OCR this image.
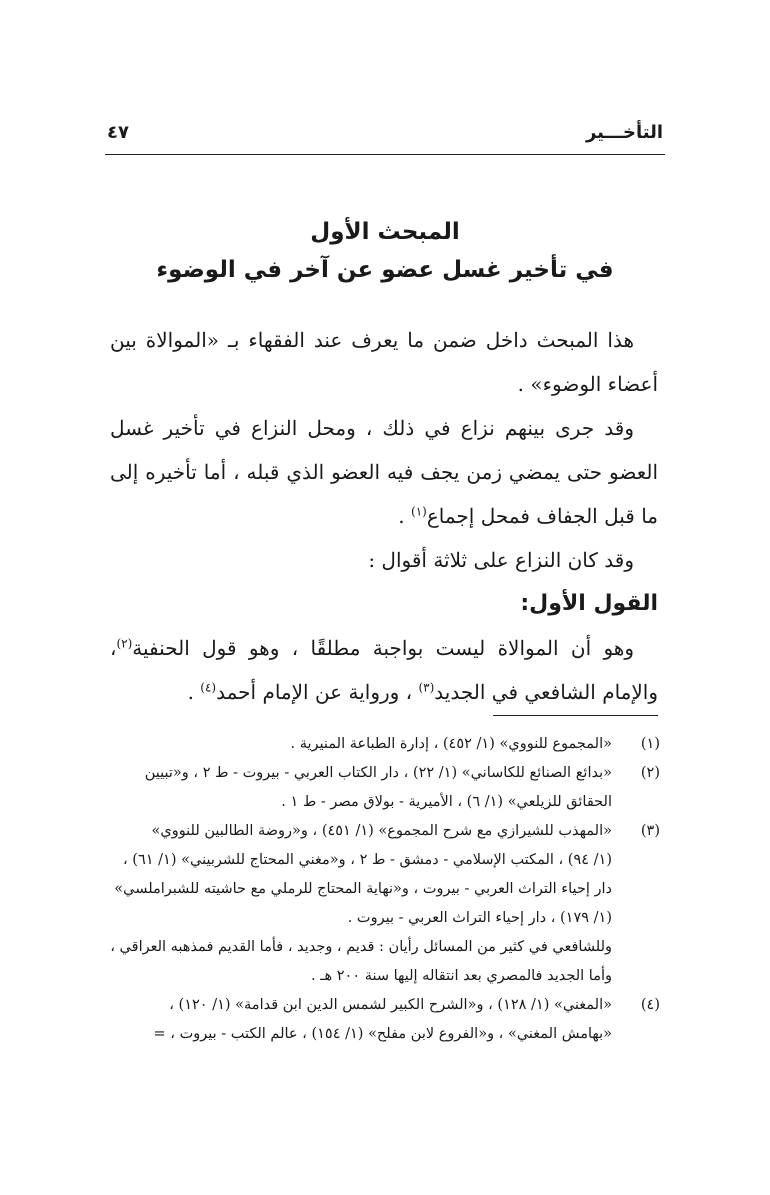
التأخـــير
٤٧
المبحث الأول
في تأخير غسل عضو عن آخر في الوضوء

هذا المبحث داخل ضمن ما يعرف عند الفقهاء بـ «الموالاة بين أعضاء الوضوء» .

وقد جرى بينهم نزاع في ذلك ، ومحل النزاع في تأخير غسل العضو حتى يمضي زمن يجف فيه العضو الذي قبله ، أما تأخيره إلى ما قبل الجفاف فمحل إجماع$^{(١)}$ .

وقد كان النزاع على ثلاثة أقوال :

القول الأول:

وهو أن الموالاة ليست بواجبة مطلقًا ، وهو قول الحنفية$^{(٢)}$، والإمام الشافعي في الجديد$^{(٣)}$ ، ورواية عن الإمام أحمد$^{(٤)}$ .

(١)
«المجموع للنووي» (١/ ٤٥٢) ، إدارة الطباعة المنيرية .
(٢)
«بدائع الصنائع للكاساني» (١/ ٢٢) ، دار الكتاب العربي - بيروت - ط ٢ ، و«تبيين
الحقائق للزيلعي» (١/ ٦) ، الأميرية - بولاق مصر - ط ١ .
(٣)
«المهذب للشيرازي مع شرح المجموع» (١/ ٤٥١) ، و«روضة الطالبين للنووي»
(١/ ٩٤) ، المكتب الإسلامي - دمشق - ط ٢ ، و«مغني المحتاج للشربيني» (١/ ٦١) ،
دار إحياء التراث العربي - بيروت ، و«نهاية المحتاج للرملي مع حاشيته للشبراملسي»
(١/ ١٧٩) ، دار إحياء التراث العربي - بيروت .
وللشافعي في كثير من المسائل رأيان : قديم ، وجديد ، فأما القديم فمذهبه العراقي ،
وأما الجديد فالمصري بعد انتقاله إليها سنة ٢٠٠ هـ .
(٤)
«المغني» (١/ ١٢٨) ، و«الشرح الكبير لشمس الدين ابن قدامة» (١/ ١٢٠) ،
«بهامش المغني» ، و«الفروع لابن مفلح» (١/ ١٥٤) ، عالم الكتب - بيروت ، =
